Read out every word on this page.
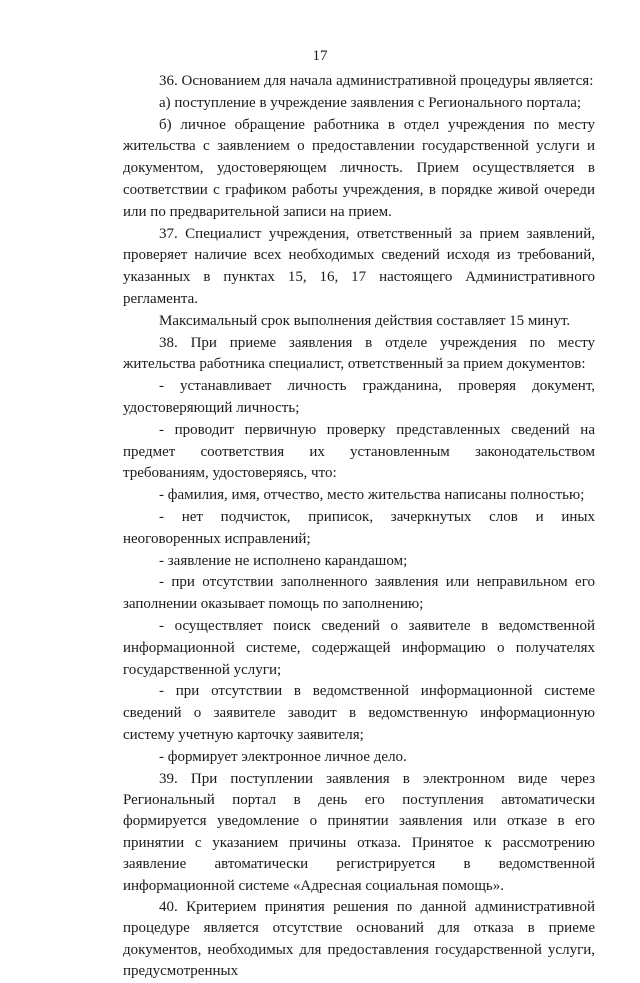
17

36. Основанием для начала административной процедуры является:

а) поступление в учреждение заявления с Регионального портала;

б) личное обращение работника в отдел учреждения по месту жительства с заявлением о предоставлении государственной услуги и документом, удостоверяющем личность. Прием осуществляется в соответствии с графиком работы учреждения, в порядке живой очереди или по предварительной записи на прием.

37. Специалист учреждения, ответственный за прием заявлений, проверяет наличие всех необходимых сведений исходя из требований, указанных в пунктах 15, 16, 17 настоящего Административного регламента.

Максимальный срок выполнения действия составляет 15 минут.

38. При приеме заявления в отделе учреждения по месту жительства работника специалист, ответственный за прием документов:

- устанавливает личность гражданина, проверяя документ, удостоверяющий личность;

- проводит первичную проверку представленных сведений на предмет соответствия их установленным законодательством требованиям, удостоверяясь, что:

- фамилия, имя, отчество, место жительства написаны полностью;

- нет подчисток, приписок, зачеркнутых слов и иных неоговоренных исправлений;

- заявление не исполнено карандашом;

- при отсутствии заполненного заявления или неправильном его заполнении оказывает помощь по заполнению;

- осуществляет поиск сведений о заявителе в ведомственной информационной системе, содержащей информацию о получателях государственной услуги;

- при отсутствии в ведомственной информационной системе сведений о заявителе заводит в ведомственную информационную систему учетную карточку заявителя;

- формирует электронное личное дело.

39. При поступлении заявления в электронном виде через Региональный портал в день его поступления автоматически формируется уведомление о принятии заявления или отказе в его принятии с указанием причины отказа. Принятое к рассмотрению заявление автоматически регистрируется в ведомственной информационной системе «Адресная социальная помощь».

40. Критерием принятия решения по данной административной процедуре является отсутствие оснований для отказа в приеме документов, необходимых для предоставления государственной услуги, предусмотренных
